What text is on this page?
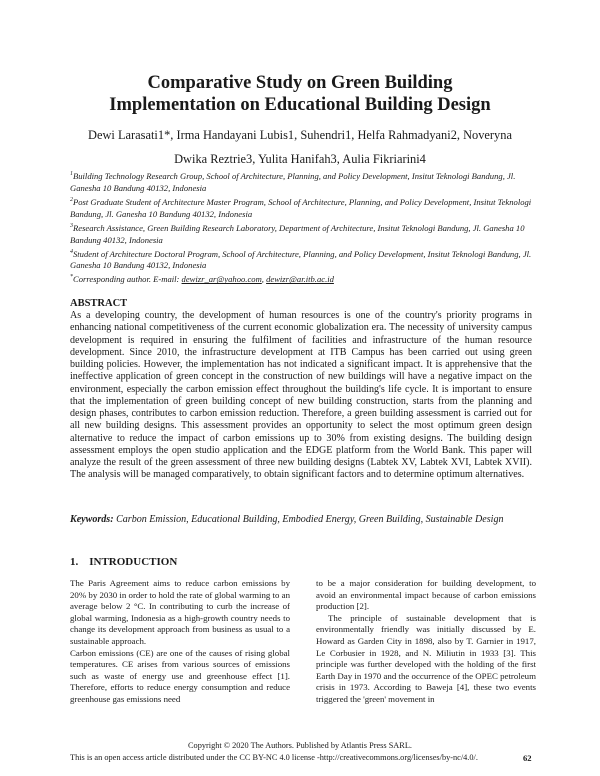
Comparative Study on Green Building
Implementation on Educational Building Design
Dewi Larasati1*, Irma Handayani Lubis1, Suhendri1, Helfa Rahmadyani2, Noveryna
Dwika Reztrie3, Yulita Hanifah3, Aulia Fikriarini4

$^1$Building Technology Research Group, School of Architecture, Planning, and Policy Development, Insitut Teknologi Bandung, Jl. Ganesha 10 Bandung 40132, Indonesia

$^2$Post Graduate Student of Architecture Master Program, School of Architecture, Planning, and Policy Development, Insitut Teknologi Bandung, Jl. Ganesha 10 Bandung 40132, Indonesia

$^3$Research Assistance, Green Building Research Laboratory, Department of Architecture, Insitut Teknologi Bandung, Jl. Ganesha 10 Bandung 40132, Indonesia

$^4$Student of Architecture Doctoral Program, School of Architecture, Planning, and Policy Development, Insitut Teknologi Bandung, Jl. Ganesha 10 Bandung 40132, Indonesia

*Corresponding author. E-mail: dewizr_ar@yahoo.com, dewizr@ar.itb.ac.id

ABSTRACT
As a developing country, the development of human resources is one of the country's priority programs in enhancing national competitiveness of the current economic globalization era. The necessity of university campus development is required in ensuring the fulfilment of facilities and infrastructure of the human resource development. Since 2010, the infrastructure development at ITB Campus has been carried out using green building policies. However, the implementation has not indicated a significant impact. It is apprehensive that the ineffective application of green concept in the construction of new buildings will have a negative impact on the environment, especially the carbon emission effect throughout the building's life cycle. It is important to ensure that the implementation of green building concept of new building construction, starts from the planning and design phases, contributes to carbon emission reduction. Therefore, a green building assessment is carried out for all new building designs. This assessment provides an opportunity to select the most optimum green design alternative to reduce the impact of carbon emissions up to 30% from existing designs. The building design assessment employs the open studio application and the EDGE platform from the World Bank. This paper will analyze the result of the green assessment of three new building designs (Labtek XV, Labtek XVI, Labtek XVII). The analysis will be managed comparatively, to obtain significant factors and to determine optimum alternatives.
Keywords: Carbon Emission, Educational Building, Embodied Energy, Green Building, Sustainable Design
1.    INTRODUCTION

The Paris Agreement aims to reduce carbon emissions by 20% by 2030 in order to hold the rate of global warming to an average below 2 °C. In contributing to curb the increase of global warming, Indonesia as a high-growth country needs to change its development approach from business as usual to a sustainable approach.

Carbon emissions (CE) are one of the causes of rising global temperatures. CE arises from various sources of emissions such as waste of energy use and greenhouse effect [1]. Therefore, efforts to reduce energy consumption and reduce greenhouse gas emissions need

to be a major consideration for building development, to avoid an environmental impact because of carbon emissions production [2].

The principle of sustainable development that is environmentally friendly was initially discussed by E. Howard as Garden City in 1898, also by T. Garnier in 1917, Le Corbusier in 1928, and N. Miliutin in 1933 [3]. This principle was further developed with the holding of the first Earth Day in 1970 and the occurrence of the OPEC petroleum crisis in 1973. According to Baweja [4], these two events triggered the 'green' movement in

Copyright © 2020 The Authors. Published by Atlantis Press SARL.
This is an open access article distributed under the CC BY-NC 4.0 license -http://creativecommons.org/licenses/by-nc/4.0/.	62
